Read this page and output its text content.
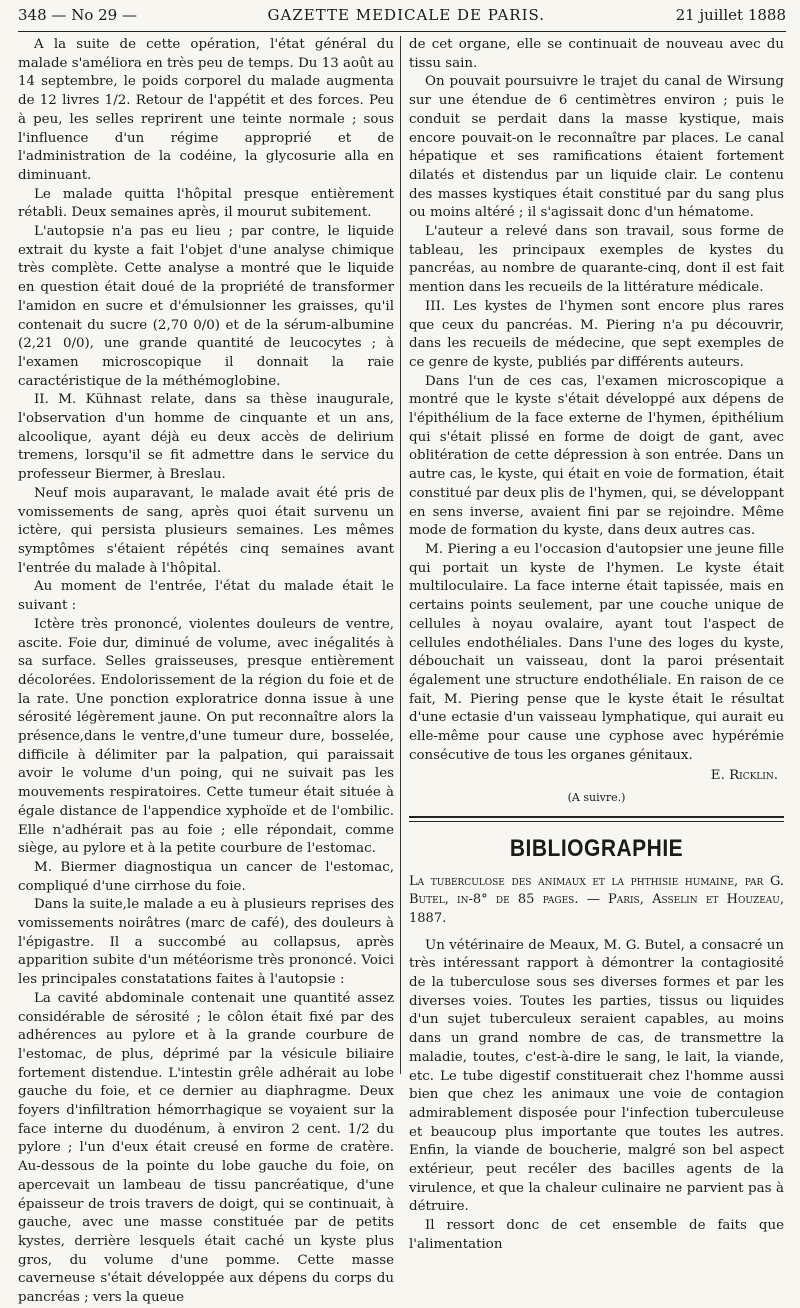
348 — No 29 —	GAZETTE MEDICALE DE PARIS.	21 juillet 1888

A la suite de cette opération, l'état général du malade s'améliora en très peu de temps. Du 13 août au 14 septembre, le poids corporel du malade augmenta de 12 livres 1/2. Retour de l'appétit et des forces. Peu à peu, les selles reprirent une teinte normale ; sous l'influence d'un régime approprié et de l'administration de la codéine, la glycosurie alla en diminuant.

Le malade quitta l'hôpital presque entièrement rétabli. Deux semaines après, il mourut subitement.

L'autopsie n'a pas eu lieu ; par contre, le liquide extrait du kyste a fait l'objet d'une analyse chimique très complète. Cette analyse a montré que le liquide en question était doué de la propriété de transformer l'amidon en sucre et d'émulsionner les graisses, qu'il contenait du sucre (2,70 0/0) et de la sérum-albumine (2,21 0/0), une grande quantité de leucocytes ; à l'examen microscopique il donnait la raie caractéristique de la méthémoglobine.

II. M. Kühnast relate, dans sa thèse inaugurale, l'observation d'un homme de cinquante et un ans, alcoolique, ayant déjà eu deux accès de delirium tremens, lorsqu'il se fit admettre dans le service du professeur Biermer, à Breslau.

Neuf mois auparavant, le malade avait été pris de vomissements de sang, après quoi était survenu un ictère, qui persista plusieurs semaines. Les mêmes symptômes s'étaient répétés cinq semaines avant l'entrée du malade à l'hôpital.

Au moment de l'entrée, l'état du malade était le suivant :

Ictère très prononcé, violentes douleurs de ventre, ascite. Foie dur, diminué de volume, avec inégalités à sa surface. Selles graisseuses, presque entièrement décolorées. Endolorissement de la région du foie et de la rate. Une ponction exploratrice donna issue à une sérosité légèrement jaune. On put reconnaître alors la présence,dans le ventre,d'une tumeur dure, bosselée, difficile à délimiter par la palpation, qui paraissait avoir le volume d'un poing, qui ne suivait pas les mouvements respiratoires. Cette tumeur était située à égale distance de l'appendice xyphoïde et de l'ombilic. Elle n'adhérait pas au foie ; elle répondait, comme siège, au pylore et à la petite courbure de l'estomac.

M. Biermer diagnostiqua un cancer de l'estomac, compliqué d'une cirrhose du foie.

Dans la suite,le malade a eu à plusieurs reprises des vomissements noirâtres (marc de café), des douleurs à l'épigastre. Il a succombé au collapsus, après apparition subite d'un météorisme très prononcé. Voici les principales constatations faites à l'autopsie :

La cavité abdominale contenait une quantité assez considérable de sérosité ; le côlon était fixé par des adhérences au pylore et à la grande courbure de l'estomac, de plus, déprimé par la vésicule biliaire fortement distendue. L'intestin grêle adhérait au lobe gauche du foie, et ce dernier au diaphragme. Deux foyers d'infiltration hémorrhagique se voyaient sur la face interne du duodénum, à environ 2 cent. 1/2 du pylore ; l'un d'eux était creusé en forme de cratère. Au-dessous de la pointe du lobe gauche du foie, on apercevait un lambeau de tissu pancréatique, d'une épaisseur de trois travers de doigt, qui se continuait, à gauche, avec une masse constituée par de petits kystes, derrière lesquels était caché un kyste plus gros, du volume d'une pomme. Cette masse caverneuse s'était développée aux dépens du corps du pancréas ; vers la queue

de cet organe, elle se continuait de nouveau avec du tissu sain.

On pouvait poursuivre le trajet du canal de Wirsung sur une étendue de 6 centimètres environ ; puis le conduit se perdait dans la masse kystique, mais encore pouvait-on le reconnaître par places. Le canal hépatique et ses ramifications étaient fortement dilatés et distendus par un liquide clair. Le contenu des masses kystiques était constitué par du sang plus ou moins altéré ; il s'agissait donc d'un hématome.

L'auteur a relevé dans son travail, sous forme de tableau, les principaux exemples de kystes du pancréas, au nombre de quarante-cinq, dont il est fait mention dans les recueils de la littérature médicale.

III. Les kystes de l'hymen sont encore plus rares que ceux du pancréas. M. Piering n'a pu découvrir, dans les recueils de médecine, que sept exemples de ce genre de kyste, publiés par différents auteurs.

Dans l'un de ces cas, l'examen microscopique a montré que le kyste s'était développé aux dépens de l'épithélium de la face externe de l'hymen, épithélium qui s'était plissé en forme de doigt de gant, avec oblitération de cette dépression à son entrée. Dans un autre cas, le kyste, qui était en voie de formation, était constitué par deux plis de l'hymen, qui, se développant en sens inverse, avaient fini par se rejoindre. Même mode de formation du kyste, dans deux autres cas.

M. Piering a eu l'occasion d'autopsier une jeune fille qui portait un kyste de l'hymen. Le kyste était multiloculaire. La face interne était tapissée, mais en certains points seulement, par une couche unique de cellules à noyau ovalaire, ayant tout l'aspect de cellules endothéliales. Dans l'une des loges du kyste, débouchait un vaisseau, dont la paroi présentait également une structure endothéliale. En raison de ce fait, M. Piering pense que le kyste était le résultat d'une ectasie d'un vaisseau lymphatique, qui aurait eu elle-même pour cause une cyphose avec hypérémie consécutive de tous les organes génitaux.

E. Ricklin.
(A suivre.)
BIBLIOGRAPHIE

La tuberculose des animaux et la phthisie humaine, par G. Butel, in-8° de 85 pages. — Paris, Asselin et Houzeau, 1887.

Un vétérinaire de Meaux, M. G. Butel, a consacré un très intéressant rapport à démontrer la contagiosité de la tuberculose sous ses diverses formes et par les diverses voies. Toutes les parties, tissus ou liquides d'un sujet tuberculeux seraient capables, au moins dans un grand nombre de cas, de transmettre la maladie, toutes, c'est-à-dire le sang, le lait, la viande, etc. Le tube digestif constituerait chez l'homme aussi bien que chez les animaux une voie de contagion admirablement disposée pour l'infection tuberculeuse et beaucoup plus importante que toutes les autres. Enfin, la viande de boucherie, malgré son bel aspect extérieur, peut recéler des bacilles agents de la virulence, et que la chaleur culinaire ne parvient pas à détruire.

Il ressort donc de cet ensemble de faits que l'alimentation
